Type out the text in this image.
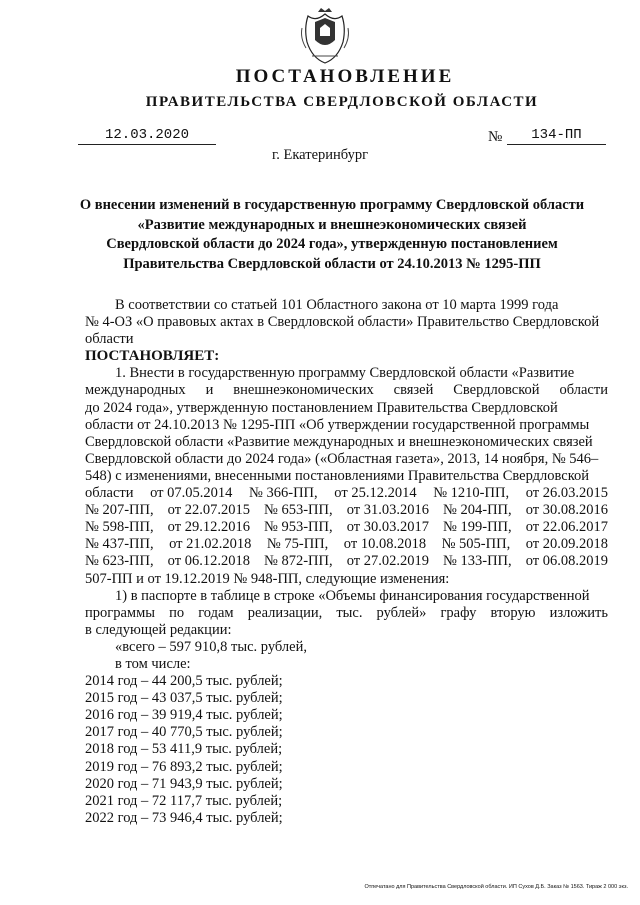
ПОСТАНОВЛЕНИЕ
ПРАВИТЕЛЬСТВА СВЕРДЛОВСКОЙ ОБЛАСТИ
12.03.2020	№	134-ПП
г. Екатеринбург
О внесении изменений в государственную программу Свердловской области
«Развитие международных и внешнеэкономических связей
Свердловской области до 2024 года», утвержденную постановлением
Правительства Свердловской области от 24.10.2013 № 1295-ПП
В соответствии со статьей 101 Областного закона от 10 марта 1999 года
№ 4-ОЗ «О правовых актах в Свердловской области» Правительство Свердловской
области
ПОСТАНОВЛЯЕТ:
1. Внести в государственную программу Свердловской области «Развитие
международных и внешнеэкономических связей Свердловской области
до 2024 года», утвержденную постановлением Правительства Свердловской
области от 24.10.2013 № 1295-ПП «Об утверждении государственной программы
Свердловской области «Развитие международных и внешнеэкономических связей
Свердловской области до 2024 года» («Областная газета», 2013, 14 ноября, № 546–
548) с изменениями, внесенными постановлениями Правительства Свердловской
области от 07.05.2014 № 366-ПП, от 25.12.2014 № 1210-ПП, от 26.03.2015
№ 207-ПП, от 22.07.2015 № 653-ПП, от 31.03.2016 № 204-ПП, от 30.08.2016
№ 598-ПП, от 29.12.2016 № 953-ПП, от 30.03.2017 № 199-ПП, от 22.06.2017
№ 437-ПП, от 21.02.2018 № 75-ПП, от 10.08.2018 № 505-ПП, от 20.09.2018
№ 623-ПП, от 06.12.2018 № 872-ПП, от 27.02.2019 № 133-ПП, от 06.08.2019
507-ПП и от 19.12.2019 № 948-ПП, следующие изменения:
1) в паспорте в таблице в строке «Объемы финансирования государственной
программы по годам реализации, тыс. рублей» графу вторую изложить
в следующей редакции:
«всего – 597 910,8 тыс. рублей,
в том числе:
2014 год – 44 200,5 тыс. рублей;
2015 год – 43 037,5 тыс. рублей;
2016 год – 39 919,4 тыс. рублей;
2017 год – 40 770,5 тыс. рублей;
2018 год – 53 411,9 тыс. рублей;
2019 год – 76 893,2 тыс. рублей;
2020 год – 71 943,9 тыс. рублей;
2021 год – 72 117,7 тыс. рублей;
2022 год – 73 946,4 тыс. рублей;
Отпечатано для Правительства Свердловской области. ИП Сухов Д.Б. Заказ № 1563. Тираж 2 000 экз.
